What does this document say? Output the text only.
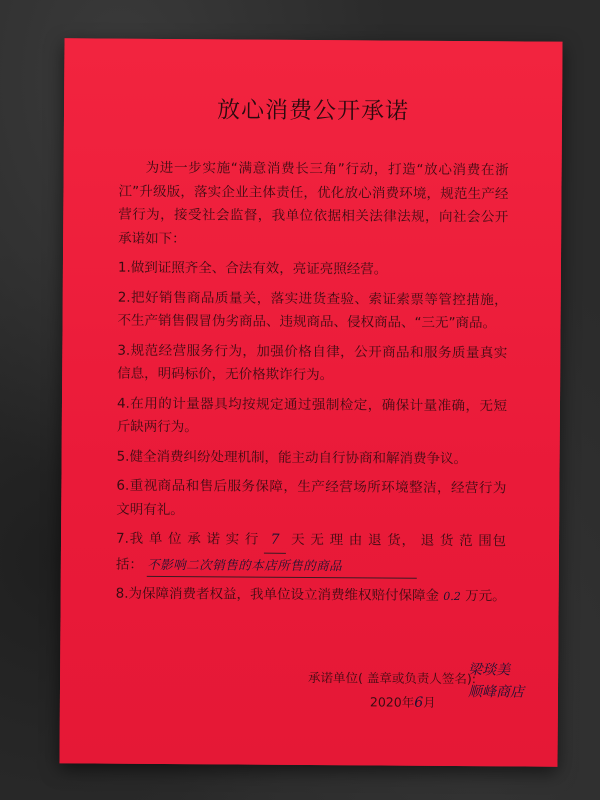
放心消费公开承诺

为进一步实施“满意消费长三角”行动，打造“放心消费在浙江”升级版，落实企业主体责任，优化放心消费环境，规范生产经营行为，接受社会监督，我单位依据相关法律法规，向社会公开承诺如下：

1.做到证照齐全、合法有效，亮证亮照经营。

2.把好销售商品质量关，落实进货查验、索证索票等管控措施，不生产销售假冒伪劣商品、违规商品、侵权商品、“三无”商品。

3.规范经营服务行为，加强价格自律，公开商品和服务质量真实信息，明码标价，无价格欺诈行为。

4.在用的计量器具均按规定通过强制检定，确保计量准确，无短斤缺两行为。

5.健全消费纠纷处理机制，能主动自行协商和解消费争议。

6.重视商品和售后服务保障，生产经营场所环境整洁，经营行为文明有礼。

7.我 单 位 承 诺 实 行 7 天 无 理 由 退 货， 退 货 范 围包括： 不影响二次销售的本店所售的商品

8.为保障消费者权益，我单位设立消费维权赔付保障金 0.2 万元。

承诺单位( 盖章或负责人签名):
梁琰美
顺峰商店
2020年6月
